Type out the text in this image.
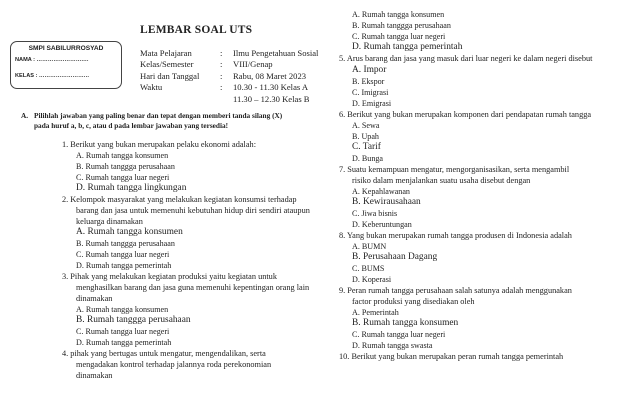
SMPI SABILURROSYAD
NAMA : ……………………….
KELAS : ………………………
LEMBAR SOAL UTS
Mata Pelajaran	: Ilmu Pengetahuan Sosial
Kelas/Semester	: VIII/Genap
Hari dan Tanggal : Rabu, 08 Maret 2023
Waktu	: 10.30 - 11.30 Kelas A
11.30 – 12.30 Kelas B
A. Pilihlah jawaban yang paling benar dan tepat dengan memberi tanda silang (X)
pada huruf a, b, c, atau d pada lembar jawaban yang tersedia!
1. Berikut yang bukan merupakan pelaku ekonomi adalah:
A. Rumah tangga konsumen
B. Rumah tanggga perusahaan
C. Rumah tangga luar negeri
D. Rumah tangga lingkungan
2. Kelompok masyarakat yang melakukan kegiatan konsumsi terhadap
barang dan jasa untuk memenuhi kebutuhan hidup diri sendiri ataupun
keluarga dinamakan
A. Rumah tangga konsumen
B. Rumah tanggga perusahaan
C. Rumah tangga luar negeri
D. Rumah tangga pemerintah
3. Pihak yang melakukan kegiatan produksi yaitu kegiatan untuk
menghasilkan barang dan jasa guna memenuhi kepentingan orang lain
dinamakan
A. Rumah tangga konsumen
B. Rumah tanggga perusahaan
C. Rumah tangga luar negeri
D. Rumah tangga pemerintah
4. pihak yang bertugas untuk mengatur, mengendalikan, serta
mengadakan kontrol terhadap jalannya roda perekonomian
dinamakan
A. Rumah tangga konsumen
B. Rumah tanggga perusahaan
C. Rumah tangga luar negeri
D. Rumah tangga pemerintah
5. Arus barang dan jasa yang masuk dari luar negeri ke dalam negeri disebut
A. Impor
B. Ekspor
C. Imigrasi
D. Emigrasi
6. Berikut yang bukan merupakan komponen dari pendapatan rumah tangga
A. Sewa
B. Upah
C. Tarif
D. Bunga
7. Suatu kemampuan mengatur, mengorganisasikan, serta mengambil
risiko dalam menjalankan suatu usaha disebut dengan
A. Kepahlawanan
B. Kewirausahaan
C. Jiwa bisnis
D. Keberuntungan
8. Yang bukan merupakan rumah tangga produsen di Indonesia adalah
A. BUMN
B. Perusahaan Dagang
C. BUMS
D. Koperasi
9. Peran rumah tangga perusahaan salah satunya adalah menggunakan
factor produksi yang disediakan oleh
A. Pemerintah
B. Rumah tangga konsumen
C. Rumah tangga luar negeri
D. Rumah tangga swasta
10. Berikut yang bukan merupakan peran rumah tangga pemerintah
